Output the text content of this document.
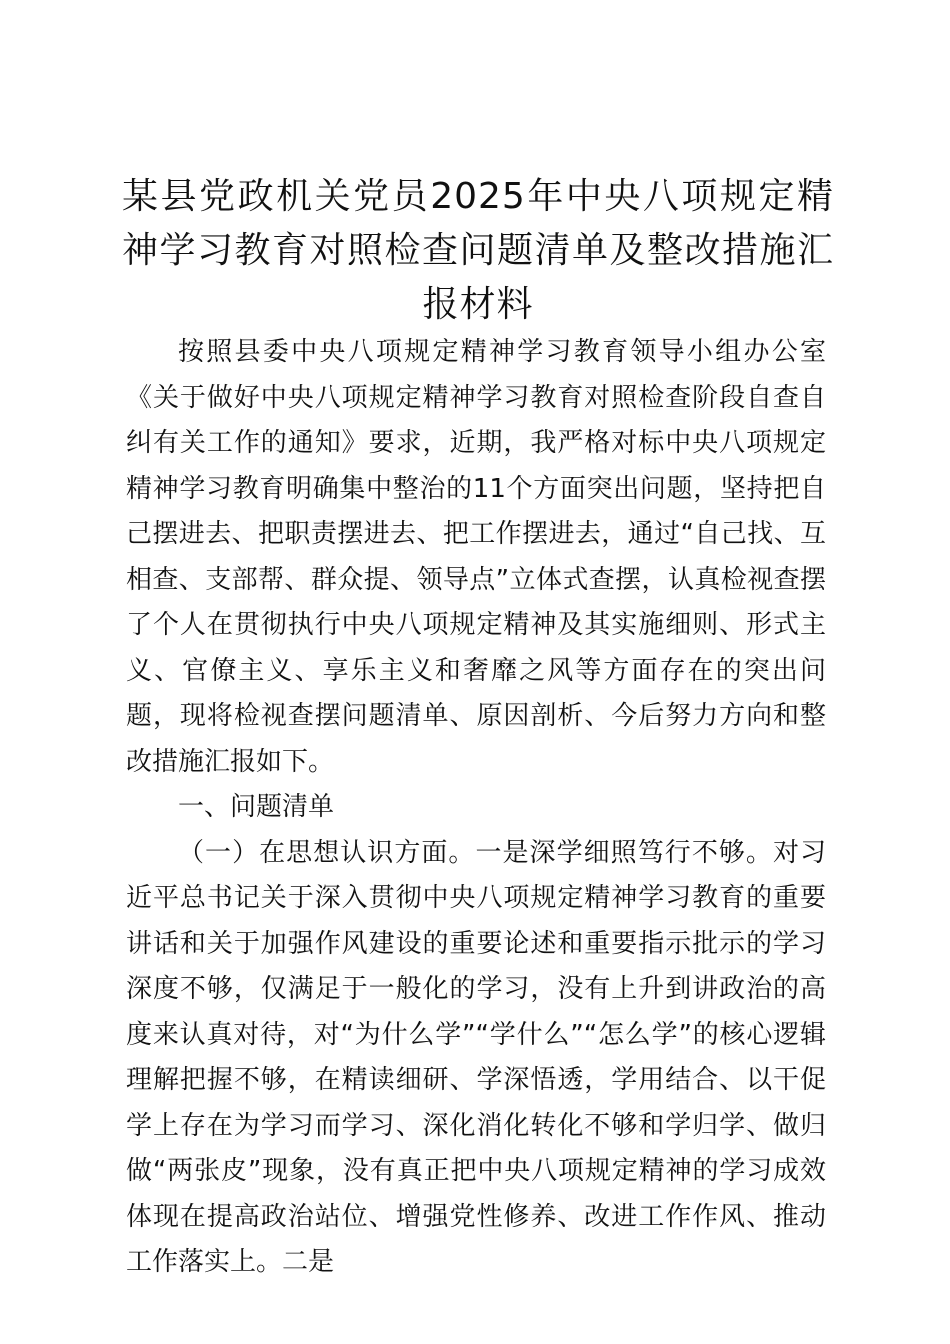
某县党政机关党员2025年中央八项规定精神学习教育对照检查问题清单及整改措施汇报材料

按照县委中央八项规定精神学习教育领导小组办公室《关于做好中央八项规定精神学习教育对照检查阶段自查自纠有关工作的通知》要求，近期，我严格对标中央八项规定精神学习教育明确集中整治的11个方面突出问题，坚持把自己摆进去、把职责摆进去、把工作摆进去，通过“自己找、互相查、支部帮、群众提、领导点”立体式查摆，认真检视查摆了个人在贯彻执行中央八项规定精神及其实施细则、形式主义、官僚主义、享乐主义和奢靡之风等方面存在的突出问题，现将检视查摆问题清单、原因剖析、今后努力方向和整改措施汇报如下。

一、问题清单

（一）在思想认识方面。一是深学细照笃行不够。对习近平总书记关于深入贯彻中央八项规定精神学习教育的重要讲话和关于加强作风建设的重要论述和重要指示批示的学习深度不够，仅满足于一般化的学习，没有上升到讲政治的高度来认真对待，对“为什么学”“学什么”“怎么学”的核心逻辑理解把握不够，在精读细研、学深悟透，学用结合、以干促学上存在为学习而学习、深化消化转化不够和学归学、做归做“两张皮”现象，没有真正把中央八项规定精神的学习成效体现在提高政治站位、增强党性修养、改进工作作风、推动工作落实上。二是
